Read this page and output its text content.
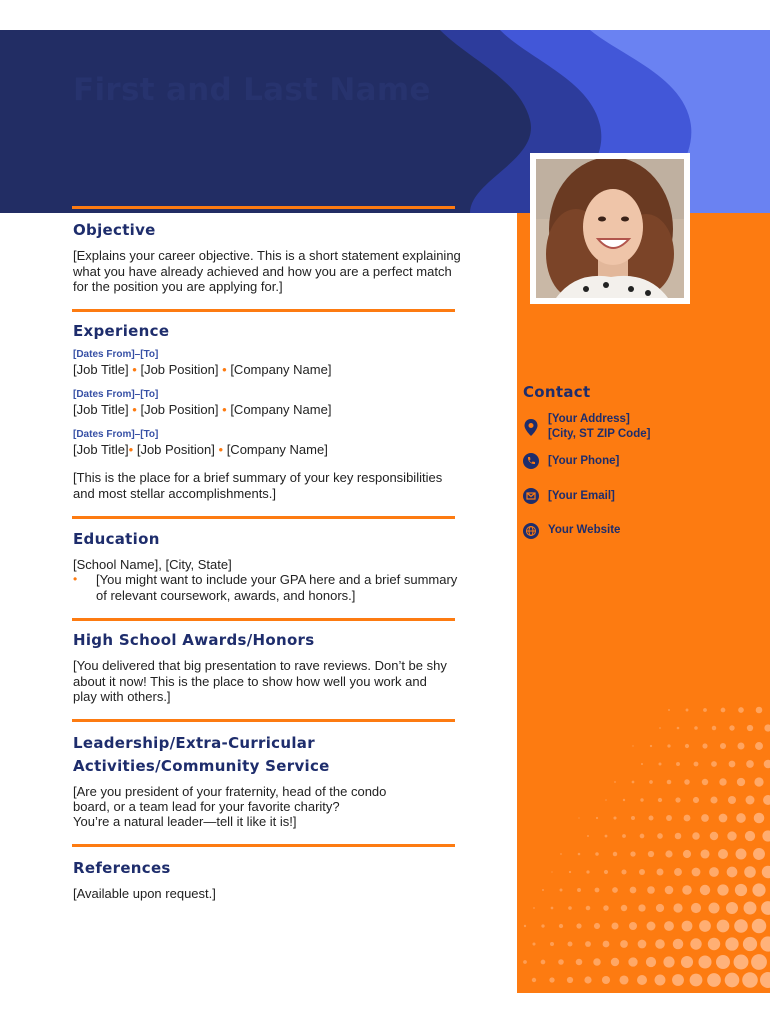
First and Last Name
Objective
[Explains your career objective. This is a short statement explaining what you have already achieved and how you are a perfect match for the position you are applying for.]
Experience
[Dates From]–[To]
[Job Title] • [Job Position] • [Company Name]
[Dates From]–[To]
[Job Title] • [Job Position] • [Company Name]
[Dates From]–[To]
[Job Title]• [Job Position] • [Company Name]
[This is the place for a brief summary of your key responsibilities and most stellar accomplishments.]
Education
[School Name], [City, State]
• [You might want to include your GPA here and a brief summary of relevant coursework, awards, and honors.]
High School Awards/Honors
[You delivered that big presentation to rave reviews. Don’t be shy about it now! This is the place to show how well you work and play with others.]
Leadership/Extra-Curricular
Activities/Community Service
[Are you president of your fraternity, head of the condo
board, or a team lead for your favorite charity?
You’re a natural leader—tell it like it is!]
References
[Available upon request.]
Contact
[Your Address]
[City, ST ZIP Code]
[Your Phone]
[Your Email]
Your Website
